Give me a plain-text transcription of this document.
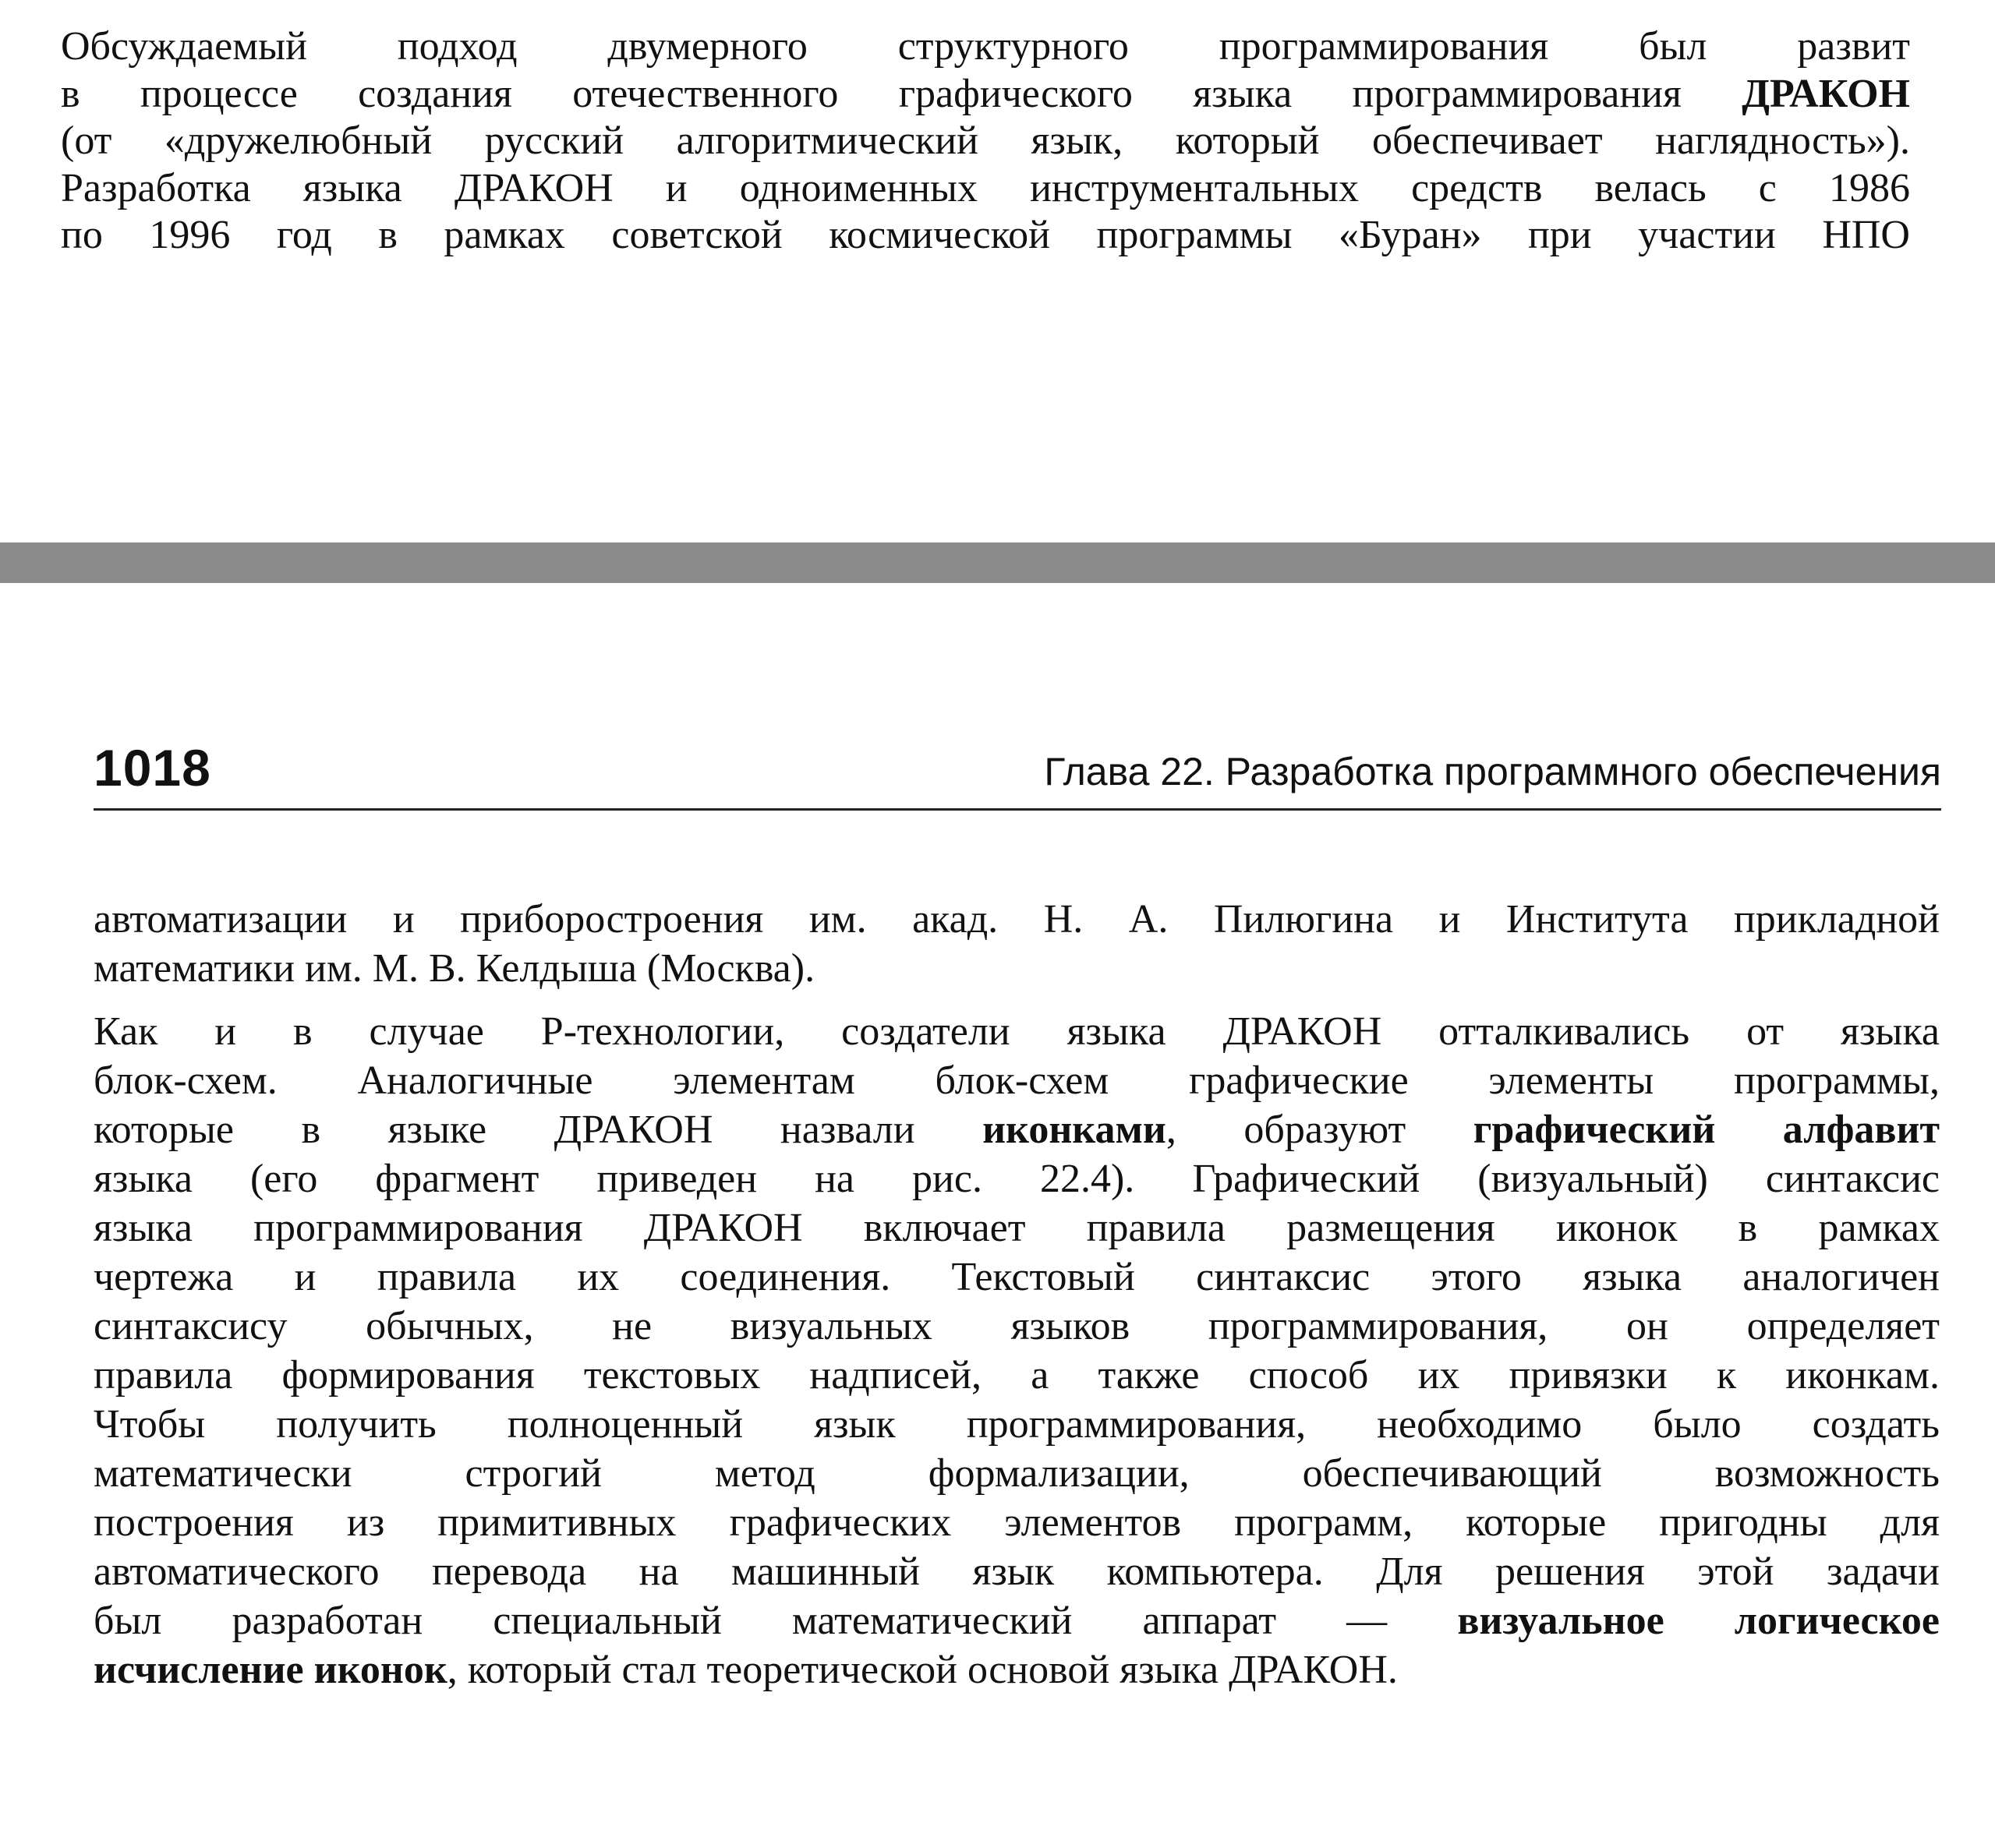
Обсуждаемый подход двумерного структурного программирования был развит
в процессе создания отечественного графического языка программирования ДРАКОН
(от «дружелюбный русский алгоритмический язык, который обеспечивает наглядность»).
Разработка языка ДРАКОН и одноименных инструментальных средств велась с 1986
по 1996 год в рамках советской космической программы «Буран» при участии НПО
1018	Глава 22. Разработка программного обеспечения

автоматизации и приборостроения им. акад. Н. А. Пилюгина и Института прикладной
математики им. М. В. Келдыша (Москва).

Как и в случае Р-технологии, создатели языка ДРАКОН отталкивались от языка
блок-схем. Аналогичные элементам блок-схем графические элементы программы,
которые в языке ДРАКОН назвали иконками, образуют графический алфавит
языка (его фрагмент приведен на рис. 22.4). Графический (визуальный) синтаксис
языка программирования ДРАКОН включает правила размещения иконок в рамках
чертежа и правила их соединения. Текстовый синтаксис этого языка аналогичен
синтаксису обычных, не визуальных языков программирования, он определяет
правила формирования текстовых надписей, а также способ их привязки к иконкам.
Чтобы получить полноценный язык программирования, необходимо было создать
математически строгий метод формализации, обеспечивающий возможность
построения из примитивных графических элементов программ, которые пригодны для
автоматического перевода на машинный язык компьютера. Для решения этой задачи
был разработан специальный математический аппарат — визуальное логическое
исчисление иконок, который стал теоретической основой языка ДРАКОН.
